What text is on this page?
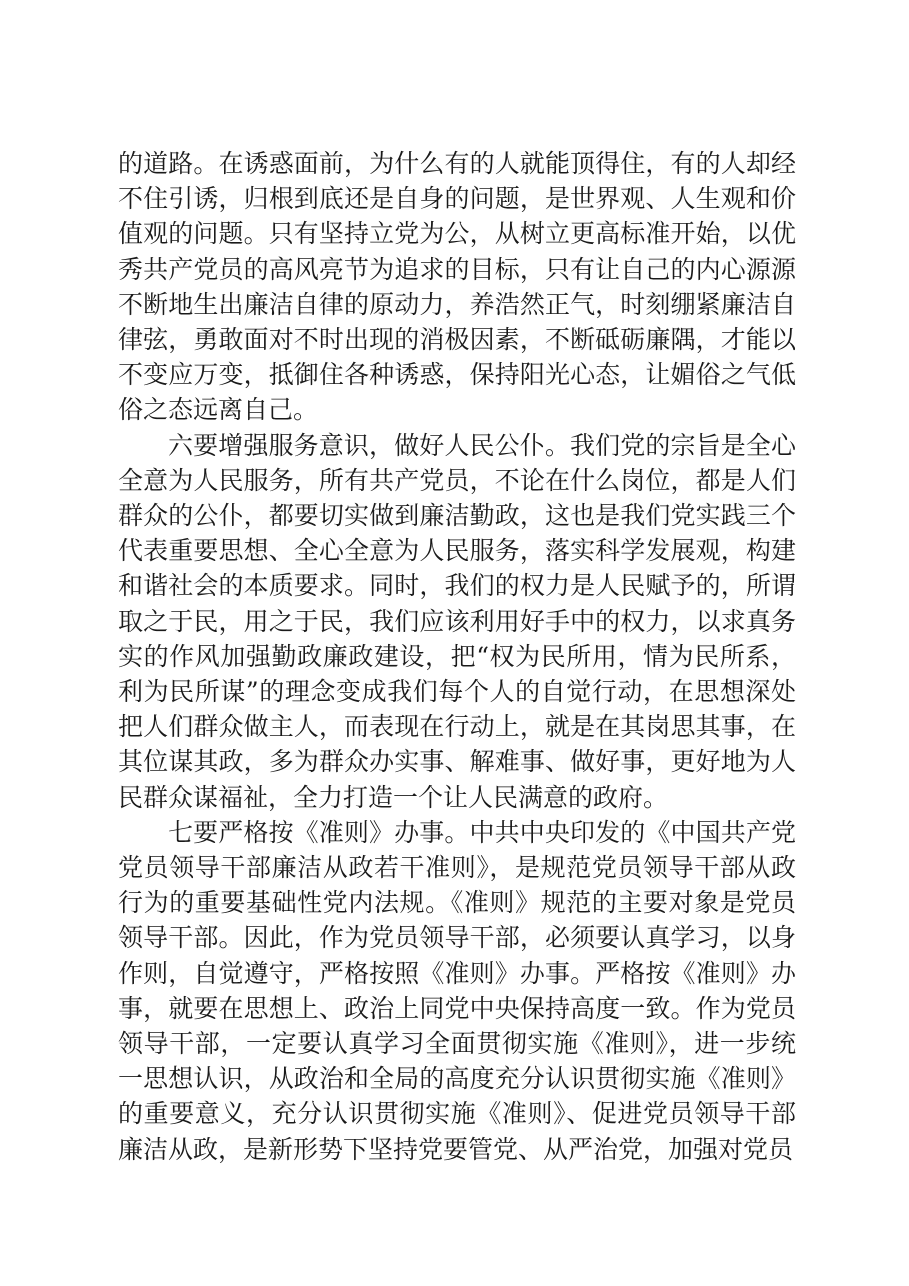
的道路。在诱惑面前，为什么有的人就能顶得住，有的人却经不住引诱，归根到底还是自身的问题，是世界观、人生观和价值观的问题。只有坚持立党为公，从树立更高标准开始，以优秀共产党员的高风亮节为追求的目标，只有让自己的内心源源不断地生出廉洁自律的原动力，养浩然正气，时刻绷紧廉洁自律弦，勇敢面对不时出现的消极因素，不断砥砺廉隅，才能以不变应万变，抵御住各种诱惑，保持阳光心态，让媚俗之气低俗之态远离自己。

六要增强服务意识，做好人民公仆。我们党的宗旨是全心全意为人民服务，所有共产党员，不论在什么岗位，都是人们群众的公仆，都要切实做到廉洁勤政，这也是我们党实践三个代表重要思想、全心全意为人民服务，落实科学发展观，构建和谐社会的本质要求。同时，我们的权力是人民赋予的，所谓取之于民，用之于民，我们应该利用好手中的权力，以求真务实的作风加强勤政廉政建设，把“权为民所用，情为民所系，利为民所谋”的理念变成我们每个人的自觉行动，在思想深处把人们群众做主人，而表现在行动上，就是在其岗思其事，在其位谋其政，多为群众办实事、解难事、做好事，更好地为人民群众谋福祉，全力打造一个让人民满意的政府。

七要严格按《准则》办事。中共中央印发的《中国共产党党员领导干部廉洁从政若干准则》，是规范党员领导干部从政行为的重要基础性党内法规。《准则》规范的主要对象是党员领导干部。因此，作为党员领导干部，必须要认真学习，以身作则，自觉遵守，严格按照《准则》办事。严格按《准则》办事，就要在思想上、政治上同党中央保持高度一致。作为党员领导干部，一定要认真学习全面贯彻实施《准则》，进一步统一思想认识，从政治和全局的高度充分认识贯彻实施《准则》的重要意义，充分认识贯彻实施《准则》、促进党员领导干部廉洁从政，是新形势下坚持党要管党、从严治党，加强对党员
